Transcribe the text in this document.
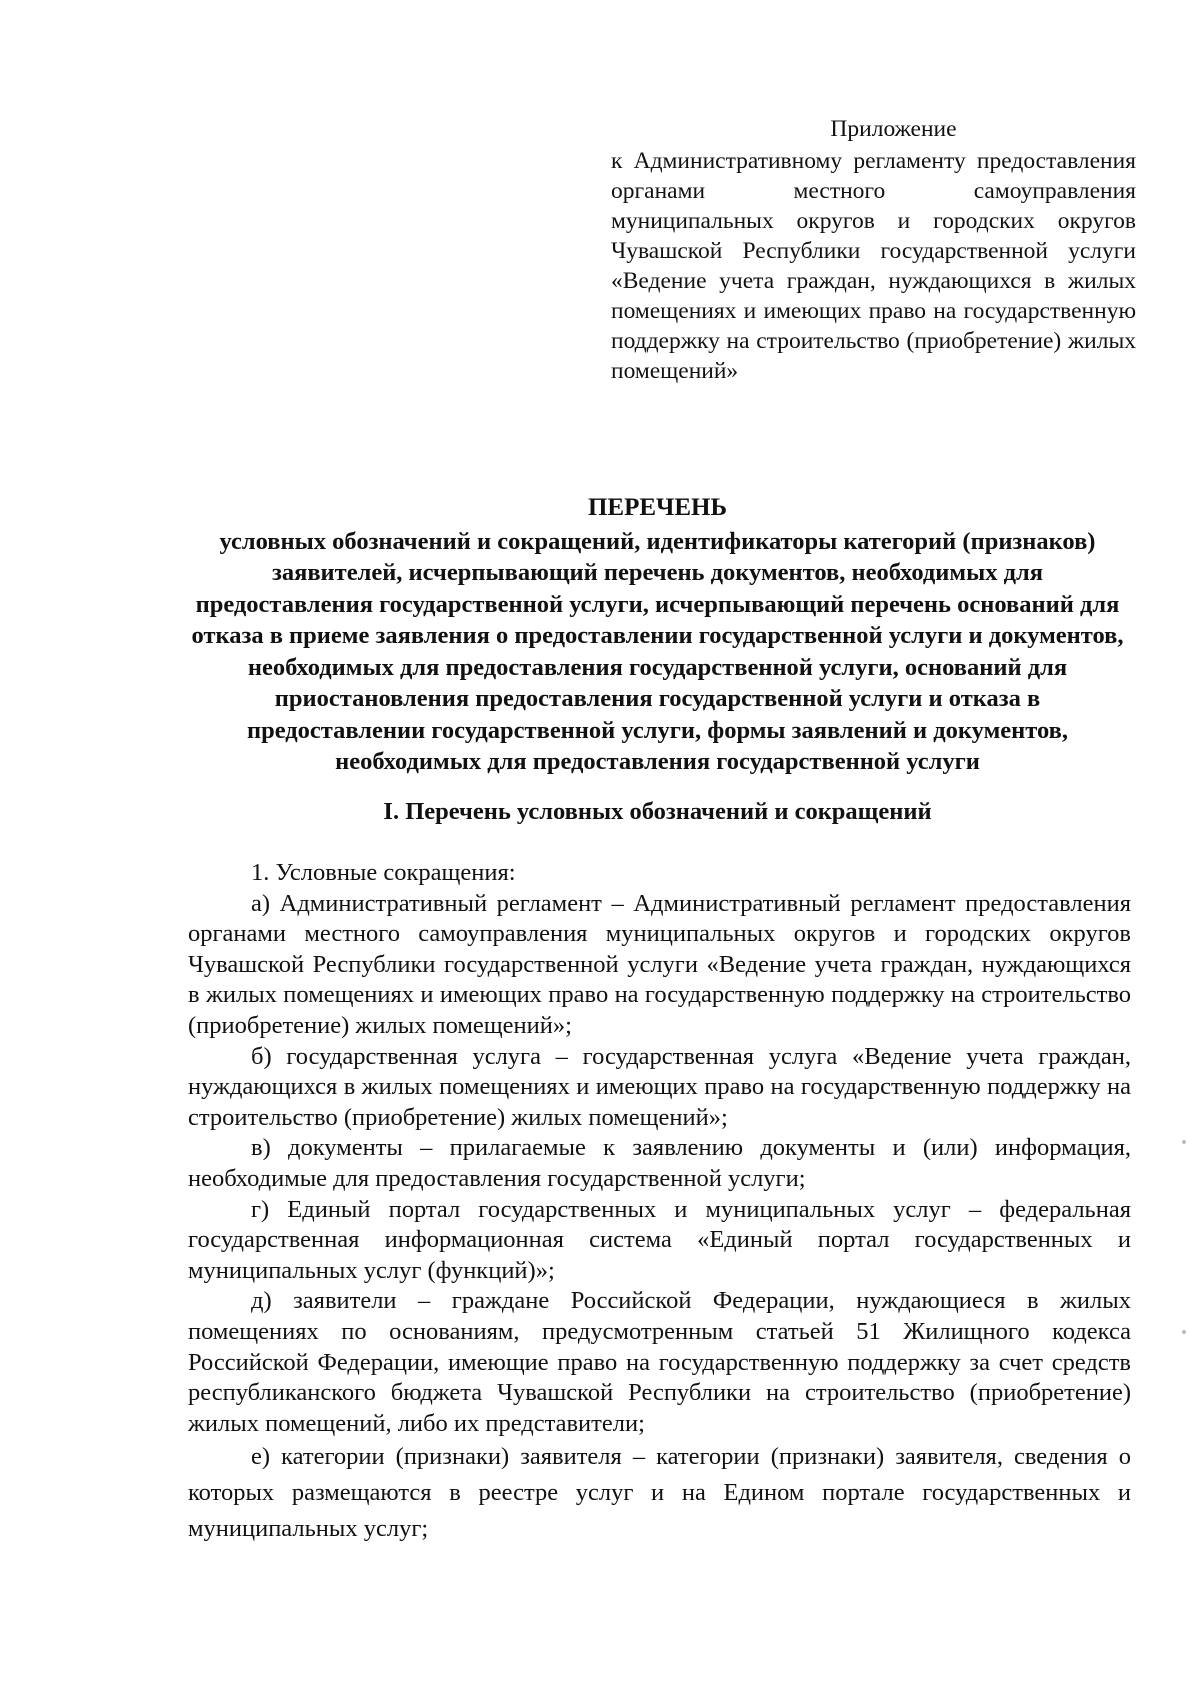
Приложение
к Административному регламенту предоставления органами местного самоуправления муниципальных округов и городских округов Чувашской Республики государственной услуги «Ведение учета граждан, нуждающихся в жилых помещениях и имеющих право на государственную поддержку на строительство (приобретение) жилых помещений»
ПЕРЕЧЕНЬ
условных обозначений и сокращений, идентификаторы категорий (признаков) заявителей, исчерпывающий перечень документов, необходимых для предоставления государственной услуги, исчерпывающий перечень оснований для отказа в приеме заявления о предоставлении государственной услуги и документов, необходимых для предоставления государственной услуги, оснований для приостановления предоставления государственной услуги и отказа в предоставлении государственной услуги, формы заявлений и документов, необходимых для предоставления государственной услуги
I. Перечень условных обозначений и сокращений

1. Условные сокращения:

а) Административный регламент – Административный регламент предоставления органами местного самоуправления муниципальных округов и городских округов Чувашской Республики государственной услуги «Ведение учета граждан, нуждающихся в жилых помещениях и имеющих право на государственную поддержку на строительство (приобретение) жилых помещений»;

б) государственная услуга – государственная услуга «Ведение учета граждан, нуждающихся в жилых помещениях и имеющих право на государственную поддержку на строительство (приобретение) жилых помещений»;

в) документы – прилагаемые к заявлению документы и (или) информация, необходимые для предоставления государственной услуги;

г) Единый портал государственных и муниципальных услуг – федеральная государственная информационная система «Единый портал государственных и муниципальных услуг (функций)»;

д) заявители – граждане Российской Федерации, нуждающиеся в жилых помещениях по основаниям, предусмотренным статьей 51 Жилищного кодекса Российской Федерации, имеющие право на государственную поддержку за счет средств республиканского бюджета Чувашской Республики на строительство (приобретение) жилых помещений, либо их представители;

е) категории (признаки) заявителя – категории (признаки) заявителя, сведения о которых размещаются в реестре услуг и на Едином портале государственных и муниципальных услуг;
